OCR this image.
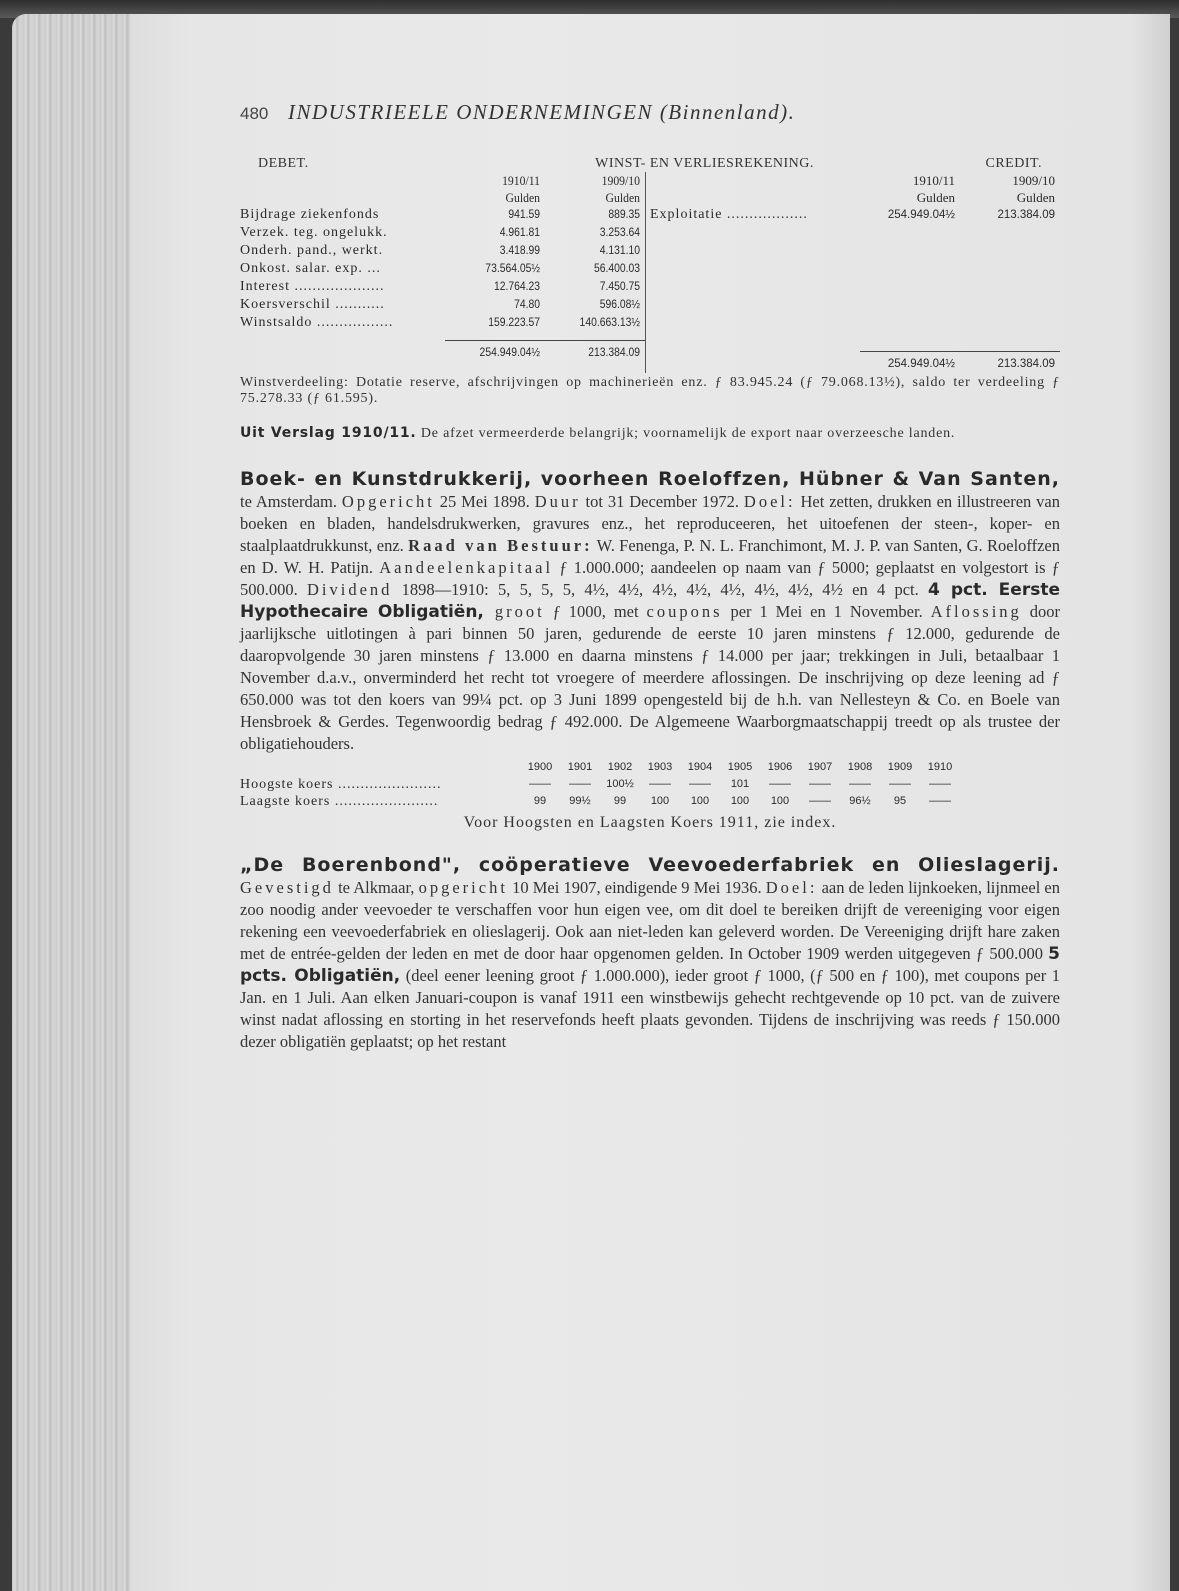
480 INDUSTRIEELE ONDERNEMINGEN (Binnenland).
DEBET.	WINST- EN VERLIESREKENING.	CREDIT.
1910/11	1909/10
Gulden	Gulden
Bijdrage ziekenfonds	941.59	889.35
Verzek. teg. ongelukk.	4.961.81	3.253.64
Onderh. pand., werkt.	3.418.99	4.131.10
Onkost. salar. exp. ...	73.564.05½	56.400.03
Interest ....................	12.764.23	7.450.75
Koersverschil ...........	74.80	596.08½
Winstsaldo .................	159.223.57	140.663.13½
254.949.04½	213.384.09
1910/11	1909/10
Gulden	Gulden
Exploitatie ..................	254.949.04½	213.384.09
254.949.04½	213.384.09
Winstverdeeling: Dotatie reserve, afschrijvingen op machinerieën enz. ƒ 83.945.24 (ƒ 79.068.13½), saldo ter verdeeling ƒ 75.278.33 (ƒ 61.595).
Uit Verslag 1910/11. De afzet vermeerderde belangrijk; voornamelijk de export naar overzeesche landen.
Boek- en Kunstdrukkerij, voorheen Roeloffzen, Hübner & Van Santen, te Amsterdam. Opgericht 25 Mei 1898. Duur tot 31 December 1972. Doel: Het zetten, drukken en illustreeren van boeken en bladen, handelsdrukwerken, gravures enz., het reproduceeren, het uitoefenen der steen-, koper- en staalplaatdrukkunst, enz. Raad van Bestuur: W. Fenenga, P. N. L. Franchimont, M. J. P. van Santen, G. Roeloffzen en D. W. H. Patijn. Aandeelenkapitaal ƒ 1.000.000; aandeelen op naam van ƒ 5000; geplaatst en volgestort is ƒ 500.000. Dividend 1898—1910: 5, 5, 5, 5, 4½, 4½, 4½, 4½, 4½, 4½, 4½, 4½ en 4 pct. 4 pct. Eerste Hypothecaire Obligatiën, groot ƒ 1000, met coupons per 1 Mei en 1 November. Aflossing door jaarlijksche uitlotingen à pari binnen 50 jaren, gedurende de eerste 10 jaren minstens ƒ 12.000, gedurende de daaropvolgende 30 jaren minstens ƒ 13.000 en daarna minstens ƒ 14.000 per jaar; trekkingen in Juli, betaalbaar 1 November d.a.v., onverminderd het recht tot vroegere of meerdere aflossingen. De inschrijving op deze leening ad ƒ 650.000 was tot den koers van 99¼ pct. op 3 Juni 1899 opengesteld bij de h.h. van Nellesteyn & Co. en Boele van Hensbroek & Gerdes. Tegenwoordig bedrag ƒ 492.000. De Algemeene Waarborgmaatschappij treedt op als trustee der obligatiehouders.
1900	1901	1902	1903	1904	1905	1906	1907	1908	1909	1910
Hoogste koers .......................	——	——	100½	——	——	101	——	——	——	——	——
Laagste koers .......................	99	99½	99	100	100	100	100	——	96½	95	——
Voor Hoogsten en Laagsten Koers 1911, zie index.
„De Boerenbond", coöperatieve Veevoederfabriek en Olieslagerij. Gevestigd te Alkmaar, opgericht 10 Mei 1907, eindigende 9 Mei 1936. Doel: aan de leden lijnkoeken, lijnmeel en zoo noodig ander veevoeder te verschaffen voor hun eigen vee, om dit doel te bereiken drijft de vereeniging voor eigen rekening een veevoederfabriek en olieslagerij. Ook aan niet-leden kan geleverd worden. De Vereeniging drijft hare zaken met de entrée-gelden der leden en met de door haar opgenomen gelden. In October 1909 werden uitgegeven ƒ 500.000 5 pcts. Obligatiën, (deel eener leening groot ƒ 1.000.000), ieder groot ƒ 1000, (ƒ 500 en ƒ 100), met coupons per 1 Jan. en 1 Juli. Aan elken Januari-coupon is vanaf 1911 een winstbewijs gehecht rechtgevende op 10 pct. van de zuivere winst nadat aflossing en storting in het reservefonds heeft plaats gevonden. Tijdens de inschrijving was reeds ƒ 150.000 dezer obligatiën geplaatst; op het restant
